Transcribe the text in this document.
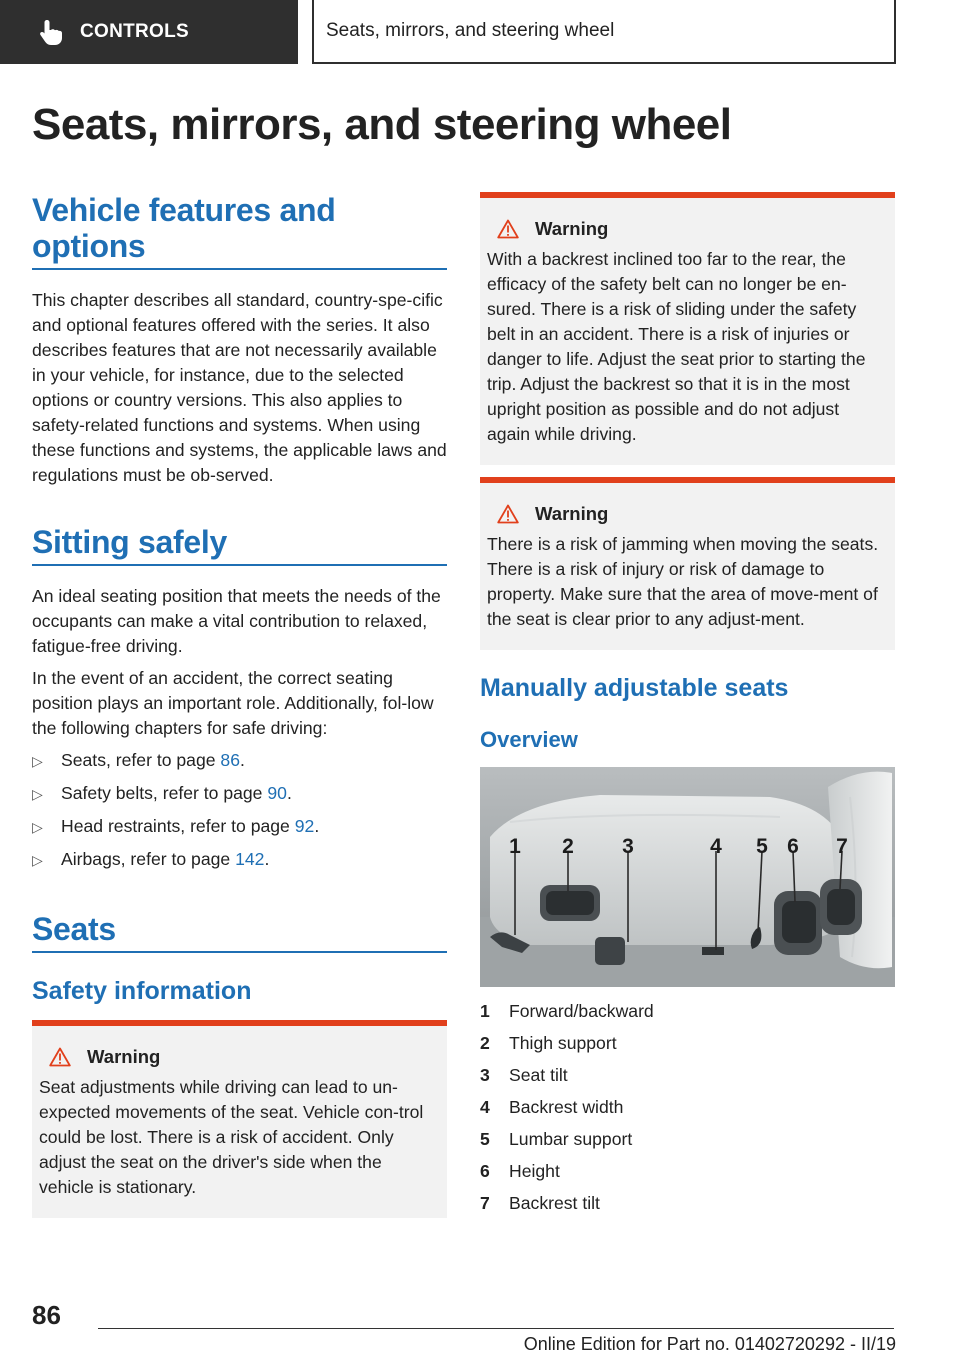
CONTROLS	Seats, mirrors, and steering wheel
Seats, mirrors, and steering wheel
Vehicle features and
options

This chapter describes all standard, country-spe-cific and optional features offered with the series. It also describes features that are not necessarily available in your vehicle, for instance, due to the selected options or country versions. This also applies to safety-related functions and systems. When using these functions and systems, the applicable laws and regulations must be ob-served.

Sitting safely

An ideal seating position that meets the needs of the occupants can make a vital contribution to relaxed, fatigue-free driving.

In the event of an accident, the correct seating position plays an important role. Additionally, fol-low the following chapters for safe driving:

▷	Seats, refer to page 86.
▷	Safety belts, refer to page 90.
▷	Head restraints, refer to page 92.
▷	Airbags, refer to page 142.
Seats
Safety information
Warning

Seat adjustments while driving can lead to un-expected movements of the seat. Vehicle con-trol could be lost. There is a risk of accident. Only adjust the seat on the driver's side when the vehicle is stationary.

Warning

With a backrest inclined too far to the rear, the efficacy of the safety belt can no longer be en-sured. There is a risk of sliding under the safety belt in an accident. There is a risk of injuries or danger to life. Adjust the seat prior to starting the trip. Adjust the backrest so that it is in the most upright position as possible and do not adjust again while driving.

Warning

There is a risk of jamming when moving the seats. There is a risk of injury or risk of damage to property. Make sure that the area of move-ment of the seat is clear prior to any adjust-ment.

Manually adjustable seats
Overview
1 2 3	4 5 6 7
1	Forward/backward
2	Thigh support
3	Seat tilt
4	Backrest width
5	Lumbar support
6	Height
7	Backrest tilt
86
Online Edition for Part no. 01402720292 - II/19
